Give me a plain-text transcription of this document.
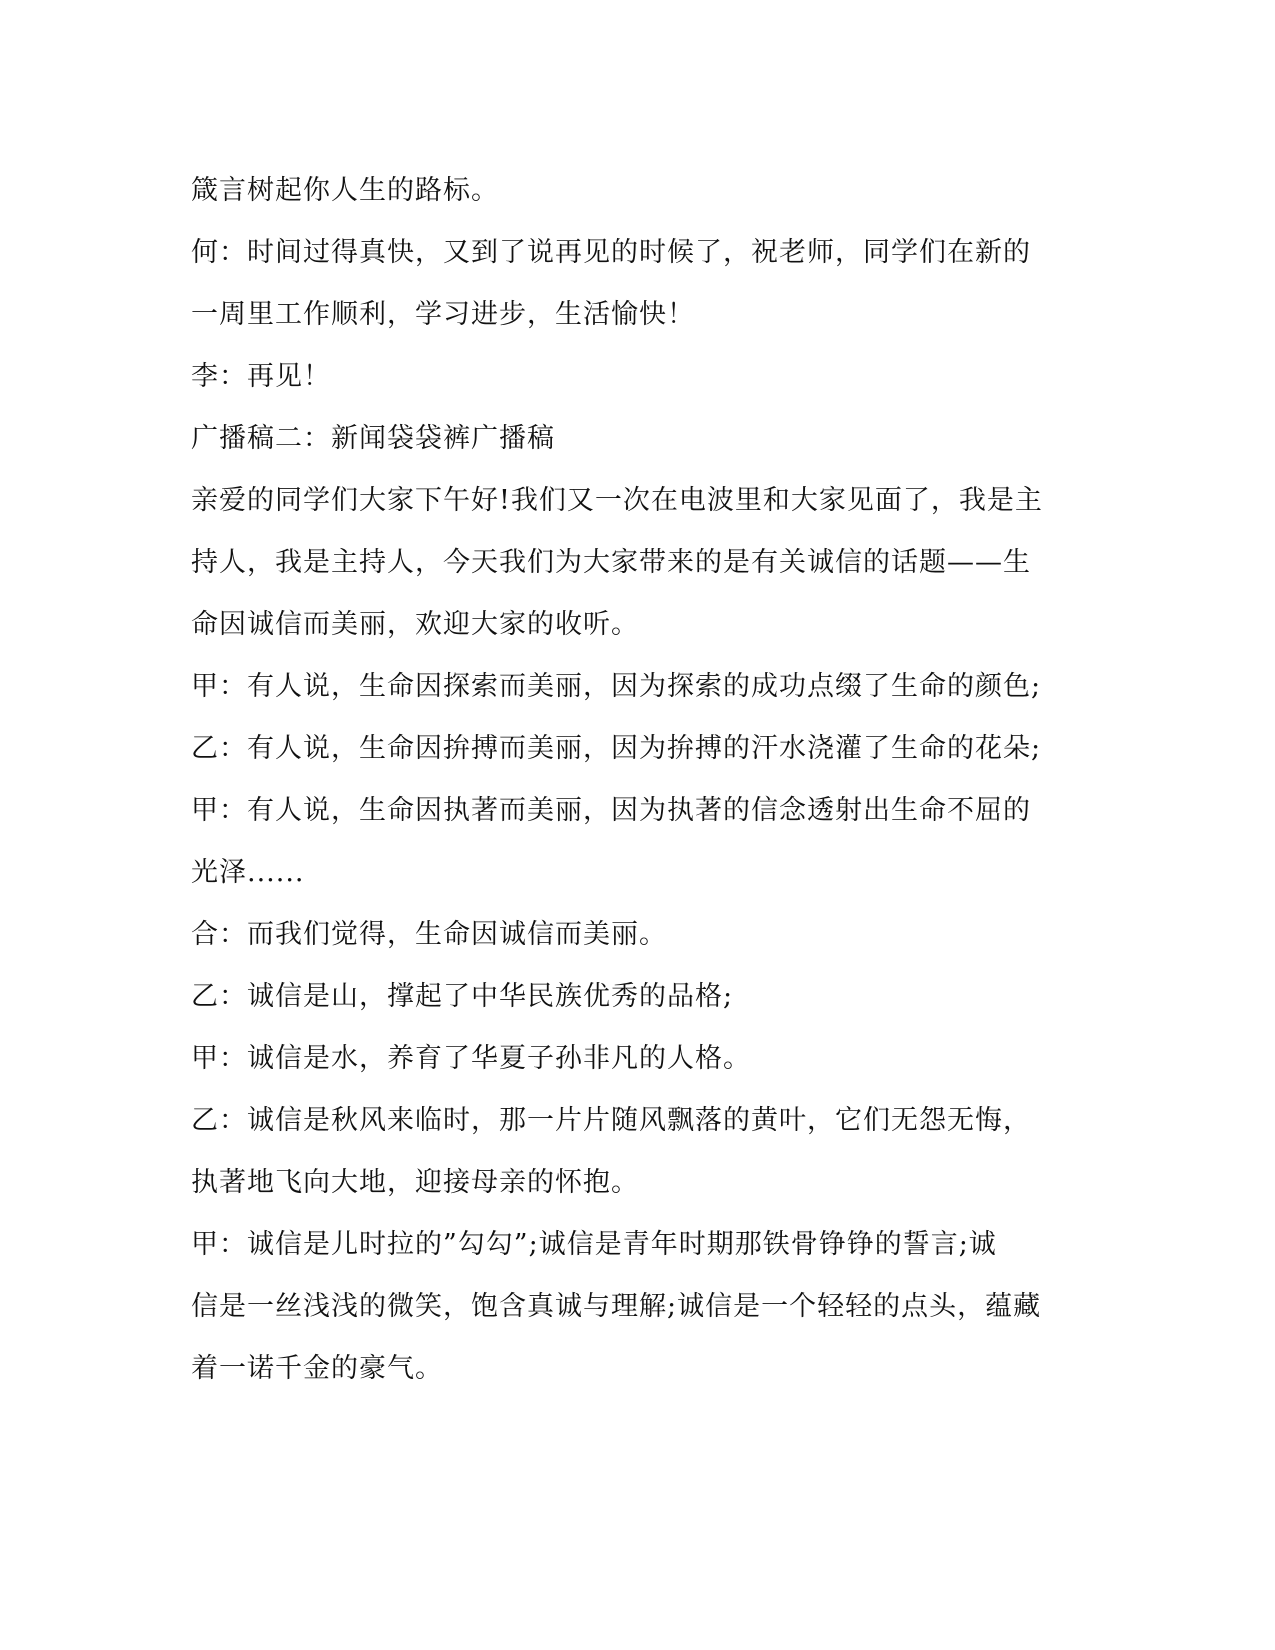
箴言树起你人生的路标。
何：时间过得真快，又到了说再见的时候了，祝老师，同学们在新的
一周里工作顺利，学习进步，生活愉快！
李：再见！
广播稿二：新闻袋袋裤广播稿
亲爱的同学们大家下午好!我们又一次在电波里和大家见面了，我是主
持人，我是主持人，今天我们为大家带来的是有关诚信的话题——生
命因诚信而美丽，欢迎大家的收听。
甲：有人说，生命因探索而美丽，因为探索的成功点缀了生命的颜色;
乙：有人说，生命因拚搏而美丽，因为拚搏的汗水浇灌了生命的花朵;
甲：有人说，生命因执著而美丽，因为执著的信念透射出生命不屈的
光泽......
合：而我们觉得，生命因诚信而美丽。
乙：诚信是山，撑起了中华民族优秀的品格;
甲：诚信是水，养育了华夏子孙非凡的人格。
乙：诚信是秋风来临时，那一片片随风飘落的黄叶，它们无怨无悔，
执著地飞向大地，迎接母亲的怀抱。
甲：诚信是儿时拉的”勾勾”;诚信是青年时期那铁骨铮铮的誓言;诚
信是一丝浅浅的微笑，饱含真诚与理解;诚信是一个轻轻的点头，蕴藏
着一诺千金的豪气。
